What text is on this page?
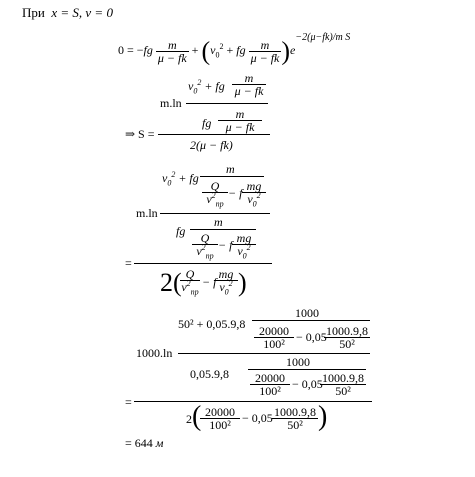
При x = S, v = 0
$0 = -fg \frac{m}{\mu - fk} + (v_0^2$ + fg $\frac{m}{\mu - fk} )e^{-2(\mu-fk)/m S}$
$v_0^2$ + fg
m
μ − fk
m.ln
fg
m
μ − fk
⇒ S =
2(μ − fk)
$v_0^2$ + fg
m
Q
$v^2_{пр}$
− f mg
$v_0^2$
m.ln
fg
m
Q
$v^2_{пр}$
− f mg
$v_0^2$
=
2( Q
$v^2_{пр}$
− f
mg
$v_0^2$ )
50² + 0,05.9,8
1000
20000
100² − 0,05 1000.9,8
50²
1000.ln
0,05.9,8
1000
20000
100² − 0,05 1000.9,8
50²
=
2 ( 20000
100² − 0,05 1000.9,8
50² )
= 644 м
